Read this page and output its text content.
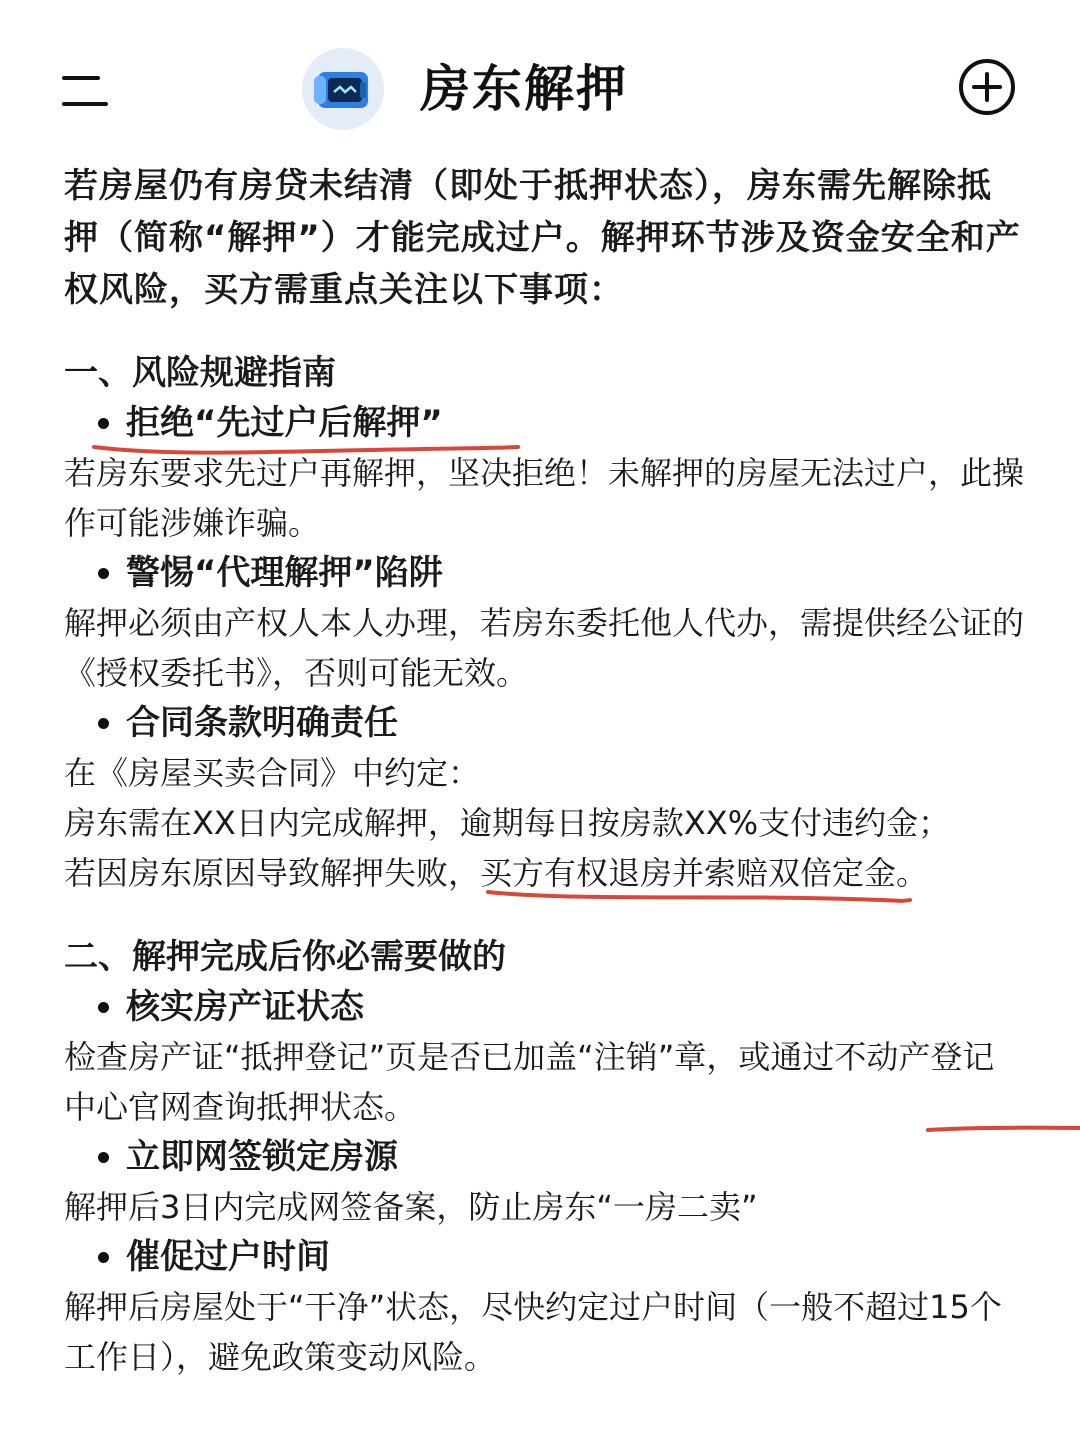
房东解押

若房屋仍有房贷未结清（即处于抵押状态），房东需先解除抵押（简称“解押”）才能完成过户。解押环节涉及资金安全和产权风险，买方需重点关注以下事项：

一、风险规避指南

拒绝“先过户后解押”

若房东要求先过户再解押，坚决拒绝！未解押的房屋无法过户，此操作可能涉嫌诈骗。

警惕“代理解押”陷阱

解押必须由产权人本人办理，若房东委托他人代办，需提供经公证的《授权委托书》，否则可能无效。

合同条款明确责任

在《房屋买卖合同》中约定：

房东需在XX日内完成解押，逾期每日按房款XX%支付违约金；

若因房东原因导致解押失败，买方有权退房并索赔双倍定金
。

二、解押完成后你必需要做的

核实房产证状态

检查房产证“抵押登记”页是否已加盖“注销”章，或通过不动产登记中心官网查询抵押状态
。

立即网签锁定房源

解押后3日内完成网签备案，防止房东“一房二卖”

催促过户时间

解押后房屋处于“干净”状态，尽快约定过户时间（一般不超过15个工作日），避免政策变动风险。
